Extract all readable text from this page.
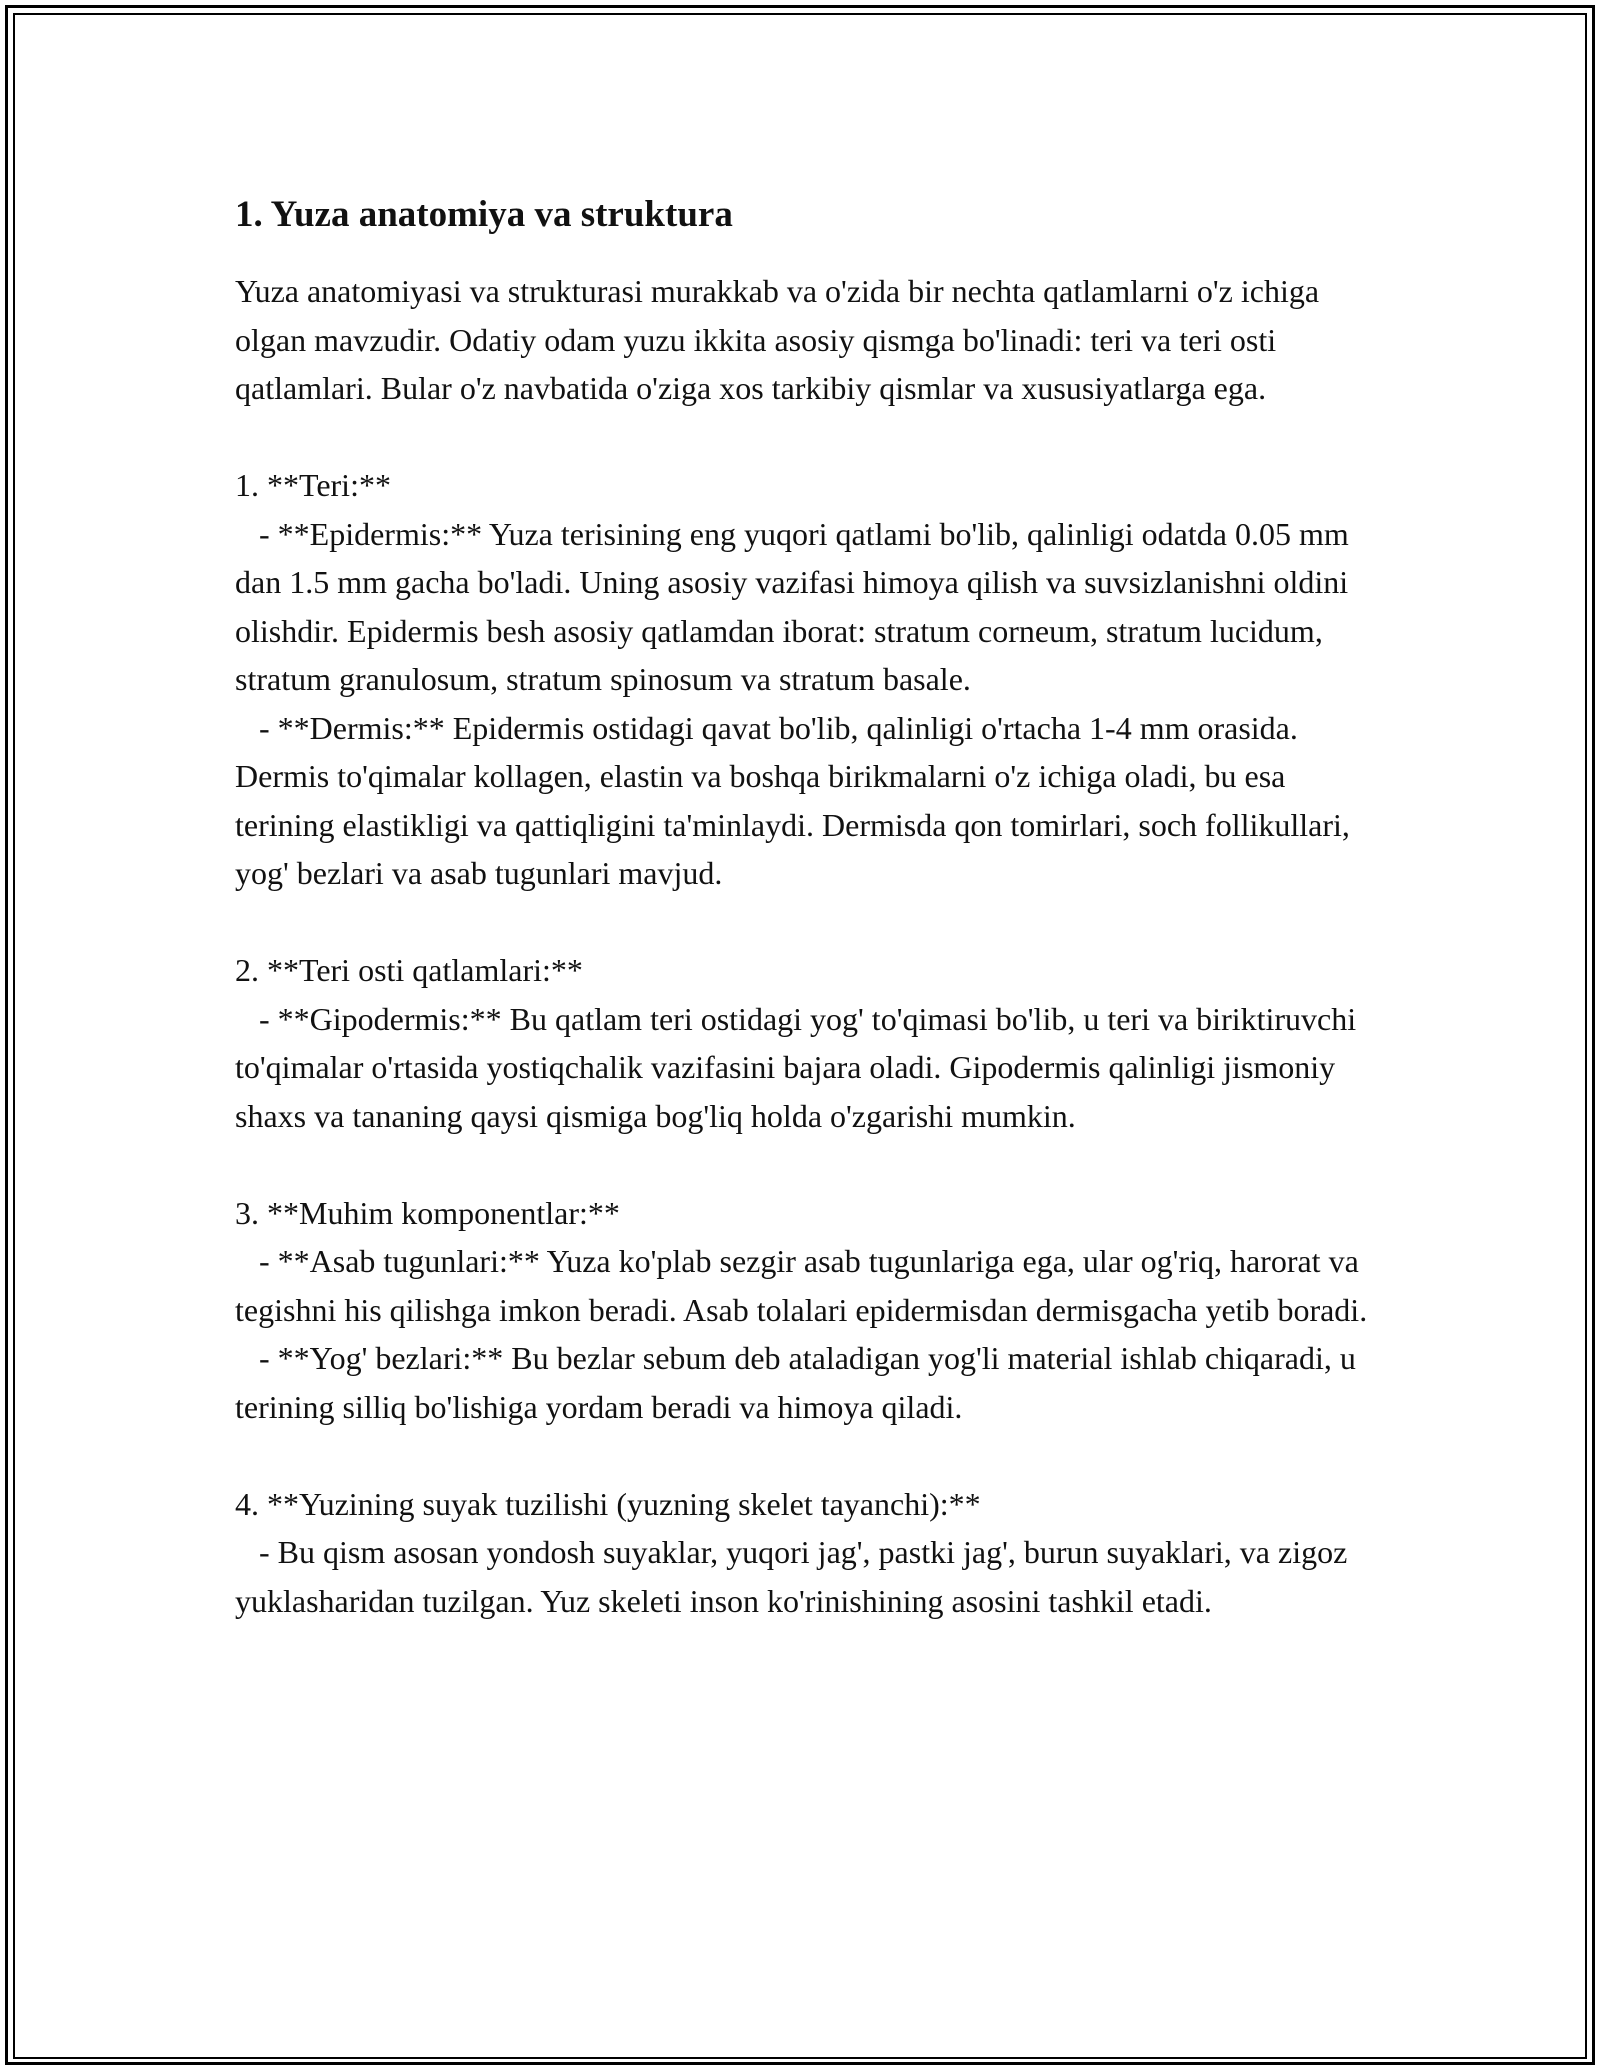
1. Yuza anatomiya va struktura

Yuza anatomiyasi va strukturasi murakkab va o'zida bir nechta qatlamlarni o'z ichiga olgan mavzudir. Odatiy odam yuzu ikkita asosiy qismga bo'linadi: teri va teri osti qatlamlari. Bular o'z navbatida o'ziga xos tarkibiy qismlar va xususiyatlarga ega.

1. **Teri:**

- **Epidermis:** Yuza terisining eng yuqori qatlami bo'lib, qalinligi odatda 0.05 mm dan 1.5 mm gacha bo'ladi. Uning asosiy vazifasi himoya qilish va suvsizlanishni oldini olishdir. Epidermis besh asosiy qatlamdan iborat: stratum corneum, stratum lucidum, stratum granulosum, stratum spinosum va stratum basale.

- **Dermis:** Epidermis ostidagi qavat bo'lib, qalinligi o'rtacha 1-4 mm orasida. Dermis to'qimalar kollagen, elastin va boshqa birikmalarni o'z ichiga oladi, bu esa terining elastikligi va qattiqligini ta'minlaydi. Dermisda qon tomirlari, soch follikullari, yog' bezlari va asab tugunlari mavjud.

2. **Teri osti qatlamlari:**

- **Gipodermis:** Bu qatlam teri ostidagi yog' to'qimasi bo'lib, u teri va biriktiruvchi to'qimalar o'rtasida yostiqchalik vazifasini bajara oladi. Gipodermis qalinligi jismoniy shaxs va tananing qaysi qismiga bog'liq holda o'zgarishi mumkin.

3. **Muhim komponentlar:**

- **Asab tugunlari:** Yuza ko'plab sezgir asab tugunlariga ega, ular og'riq, harorat va tegishni his qilishga imkon beradi. Asab tolalari epidermisdan dermisgacha yetib boradi.

- **Yog' bezlari:** Bu bezlar sebum deb ataladigan yog'li material ishlab chiqaradi, u terining silliq bo'lishiga yordam beradi va himoya qiladi.

4. **Yuzining suyak tuzilishi (yuzning skelet tayanchi):**

- Bu qism asosan yondosh suyaklar, yuqori jag', pastki jag', burun suyaklari, va zigoz yuklasharidan tuzilgan. Yuz skeleti inson ko'rinishining asosini tashkil etadi.
